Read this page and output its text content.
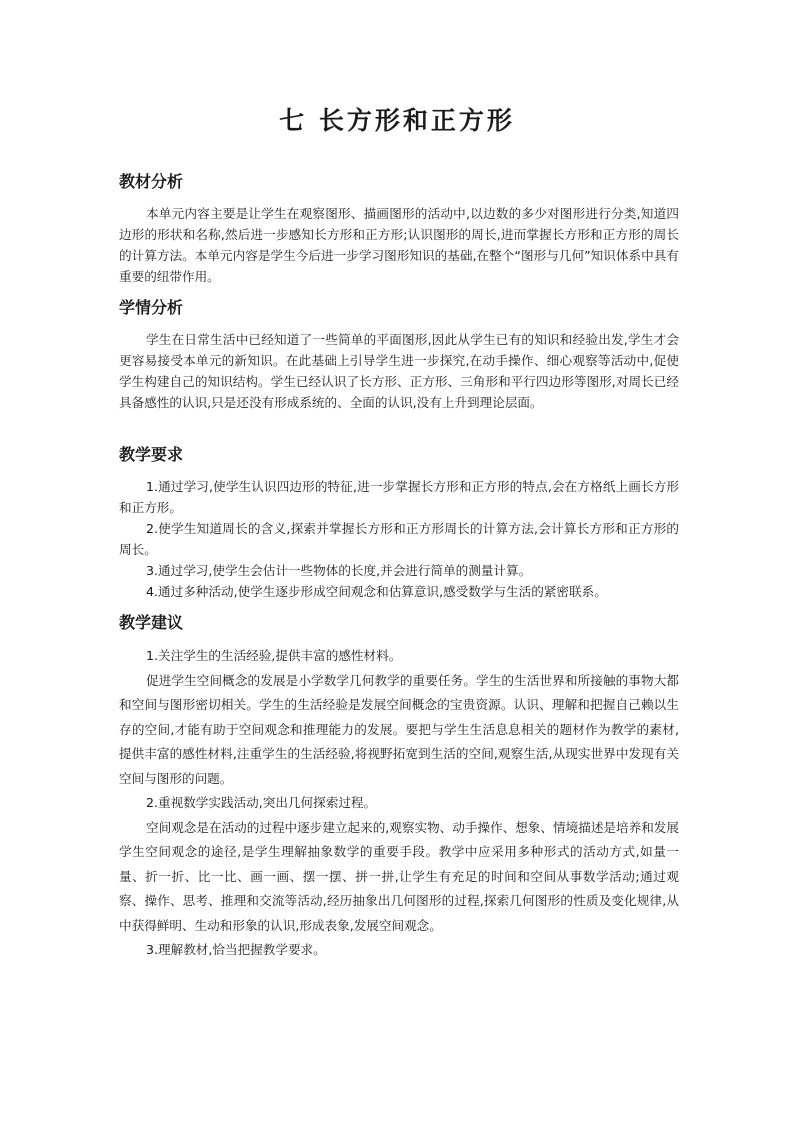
七 长方形和正方形
教材分析

本单元内容主要是让学生在观察图形、描画图形的活动中,以边数的多少对图形进行分类,知道四边形的形状和名称,然后进一步感知长方形和正方形;认识图形的周长,进而掌握长方形和正方形的周长的计算方法。本单元内容是学生今后进一步学习图形知识的基础,在整个“图形与几何”知识体系中具有重要的纽带作用。

学情分析

学生在日常生活中已经知道了一些简单的平面图形,因此从学生已有的知识和经验出发,学生才会更容易接受本单元的新知识。在此基础上引导学生进一步探究,在动手操作、细心观察等活动中,促使学生构建自己的知识结构。学生已经认识了长方形、正方形、三角形和平行四边形等图形,对周长已经具备感性的认识,只是还没有形成系统的、全面的认识,没有上升到理论层面。

教学要求

1.通过学习,使学生认识四边形的特征,进一步掌握长方形和正方形的特点,会在方格纸上画长方形和正方形。

2.使学生知道周长的含义,探索并掌握长方形和正方形周长的计算方法,会计算长方形和正方形的周长。

3.通过学习,使学生会估计一些物体的长度,并会进行简单的测量计算。

4.通过多种活动,使学生逐步形成空间观念和估算意识,感受数学与生活的紧密联系。

教学建议

1.关注学生的生活经验,提供丰富的感性材料。

促进学生空间概念的发展是小学数学几何教学的重要任务。学生的生活世界和所接触的事物大都和空间与图形密切相关。学生的生活经验是发展空间概念的宝贵资源。认识、理解和把握自己赖以生存的空间,才能有助于空间观念和推理能力的发展。要把与学生生活息息相关的题材作为教学的素材,提供丰富的感性材料,注重学生的生活经验,将视野拓宽到生活的空间,观察生活,从现实世界中发现有关空间与图形的问题。

2.重视数学实践活动,突出几何探索过程。

空间观念是在活动的过程中逐步建立起来的,观察实物、动手操作、想象、情境描述是培养和发展学生空间观念的途径,是学生理解抽象数学的重要手段。教学中应采用多种形式的活动方式,如量一量、折一折、比一比、画一画、摆一摆、拼一拼,让学生有充足的时间和空间从事数学活动;通过观察、操作、思考、推理和交流等活动,经历抽象出几何图形的过程,探索几何图形的性质及变化规律,从中获得鲜明、生动和形象的认识,形成表象,发展空间观念。

3.理解教材,恰当把握教学要求。
